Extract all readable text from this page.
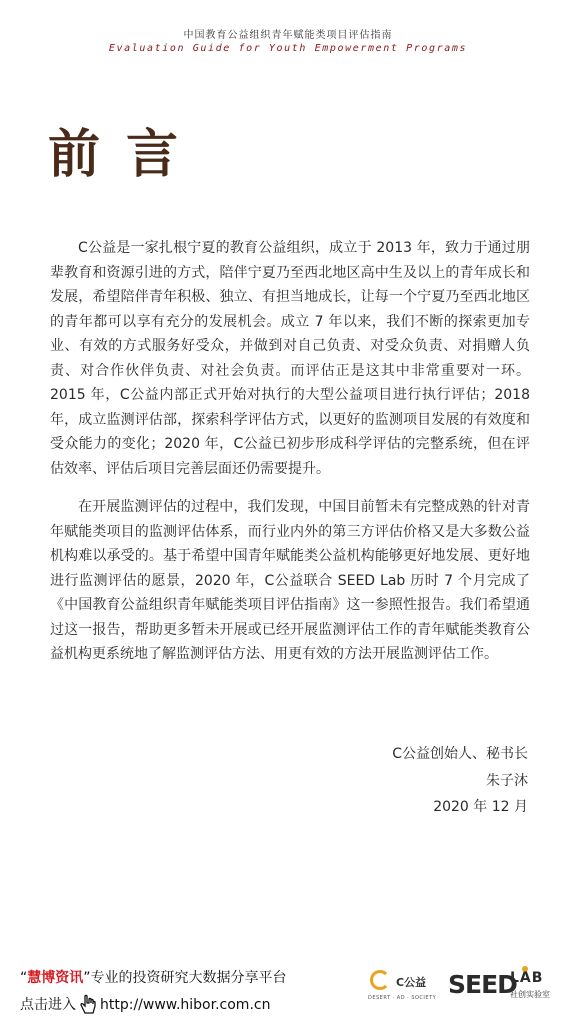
中国教育公益组织青年赋能类项目评估指南
Evaluation Guide for Youth Empowerment Programs
前言

C公益是一家扎根宁夏的教育公益组织，成立于 2013 年，致力于通过朋辈教育和资源引进的方式，陪伴宁夏乃至西北地区高中生及以上的青年成长和发展，希望陪伴青年积极、独立、有担当地成长，让每一个宁夏乃至西北地区的青年都可以享有充分的发展机会。成立 7 年以来，我们不断的探索更加专业、有效的方式服务好受众，并做到对自己负责、对受众负责、对捐赠人负责、对合作伙伴负责、对社会负责。而评估正是这其中非常重要对一环。2015 年，C公益内部正式开始对执行的大型公益项目进行执行评估；2018 年，成立监测评估部，探索科学评估方式，以更好的监测项目发展的有效度和受众能力的变化；2020 年，C公益已初步形成科学评估的完整系统，但在评估效率、评估后项目完善层面还仍需要提升。

在开展监测评估的过程中，我们发现，中国目前暂未有完整成熟的针对青年赋能类项目的监测评估体系，而行业内外的第三方评估价格又是大多数公益机构难以承受的。基于希望中国青年赋能类公益机构能够更好地发展、更好地进行监测评估的愿景，2020 年，C公益联合 SEED Lab 历时 7 个月完成了《中国教育公益组织青年赋能类项目评估指南》这一参照性报告。我们希望通过这一报告，帮助更多暂未开展或已经开展监测评估工作的青年赋能类教育公益机构更系统地了解监测评估方法、用更有效的方法开展监测评估工作。

C公益创始人、秘书长
朱子沐
2020 年 12 月
“慧博资讯”专业的投资研究大数据分享平台
点击进入 http://www.hibor.com.cn
C公益
DESERT · AD · SOCIETY SEED
LAB
社创实验室
